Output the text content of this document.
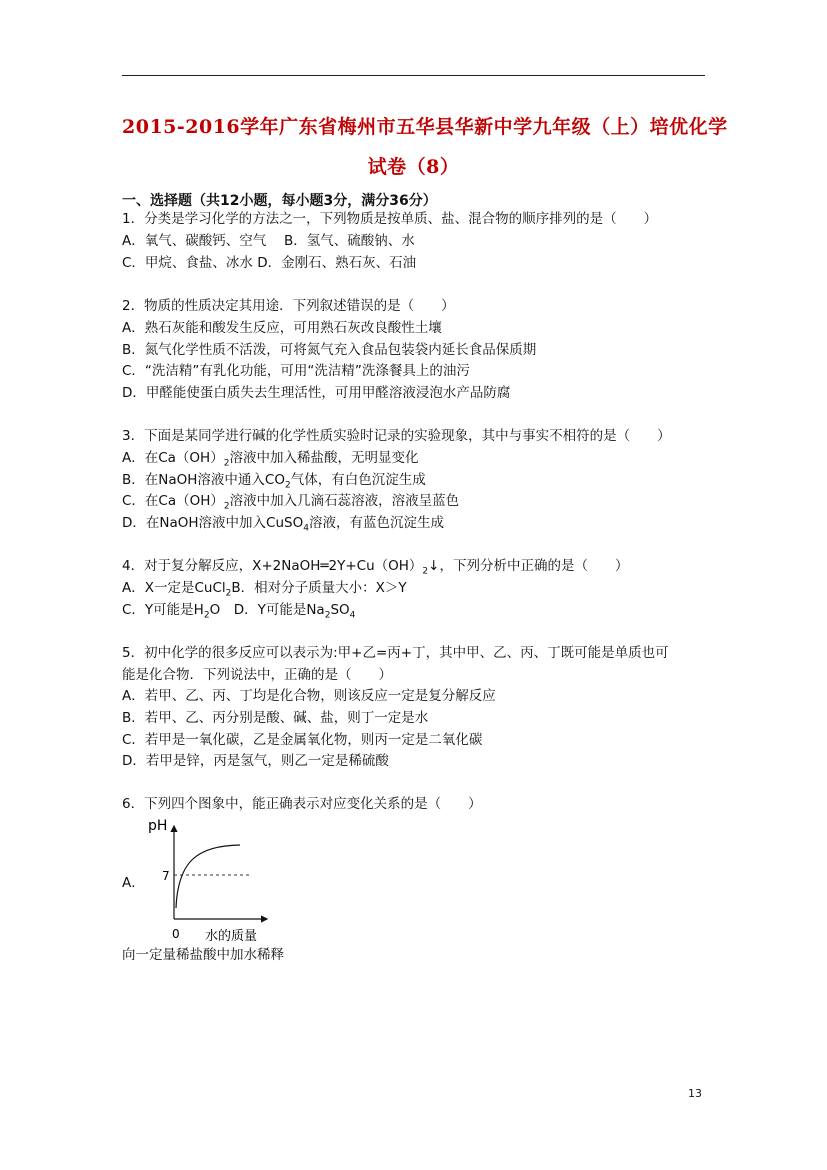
2015-2016学年广东省梅州市五华县华新中学九年级（上）培优化学
试卷（8）
一、选择题（共12小题，每小题3分，满分36分）
1．分类是学习化学的方法之一，下列物质是按单质、盐、混合物的顺序排列的是（　　）
A．氧气、碳酸钙、空气　 B．氢气、硫酸钠、水
C．甲烷、食盐、冰水 D．金刚石、熟石灰、石油
2．物质的性质决定其用途．下列叙述错误的是（　　）
A．熟石灰能和酸发生反应，可用熟石灰改良酸性土壤
B．氮气化学性质不活泼，可将氮气充入食品包装袋内延长食品保质期
C．“洗洁精”有乳化功能，可用“洗洁精”洗涤餐具上的油污
D．甲醛能使蛋白质失去生理活性，可用甲醛溶液浸泡水产品防腐
3．下面是某同学进行碱的化学性质实验时记录的实验现象，其中与事实不相符的是（　　）
A．在$Ca(OH)_2$溶液中加入稀盐酸，无明显变化
B．在NaOH溶液中通入$CO_2$气体，有白色沉淀生成
C．在$Ca(OH)_2$溶液中加入几滴石蕊溶液，溶液呈蓝色
D．在NaOH溶液中加入CuSO$_4$溶液，有蓝色沉淀生成
4．对于复分解反应，$X+2NaOH═2Y+Cu(OH)_2↓$，下列分析中正确的是（　　）
A．X一定是CuCl$_2$B．相对分子质量大小：X＞Y
C．Y可能是$H_2O$　D．Y可能是$Na_2SO_4$
5．初中化学的很多反应可以表示为:甲+乙=丙+丁，其中甲、乙、丙、丁既可能是单质也可
能是化合物．下列说法中，正确的是（　　）
A．若甲、乙、丙、丁均是化合物，则该反应一定是复分解反应
B．若甲、乙、丙分别是酸、碱、盐，则丁一定是水
C．若甲是一氧化碳，乙是金属氧化物，则丙一定是二氧化碳
D．若甲是锌，丙是氢气，则乙一定是稀硫酸
6．下列四个图象中，能正确表示对应变化关系的是（　　）
A．
pH
7
0 水的质量
向一定量稀盐酸中加水稀释
13
